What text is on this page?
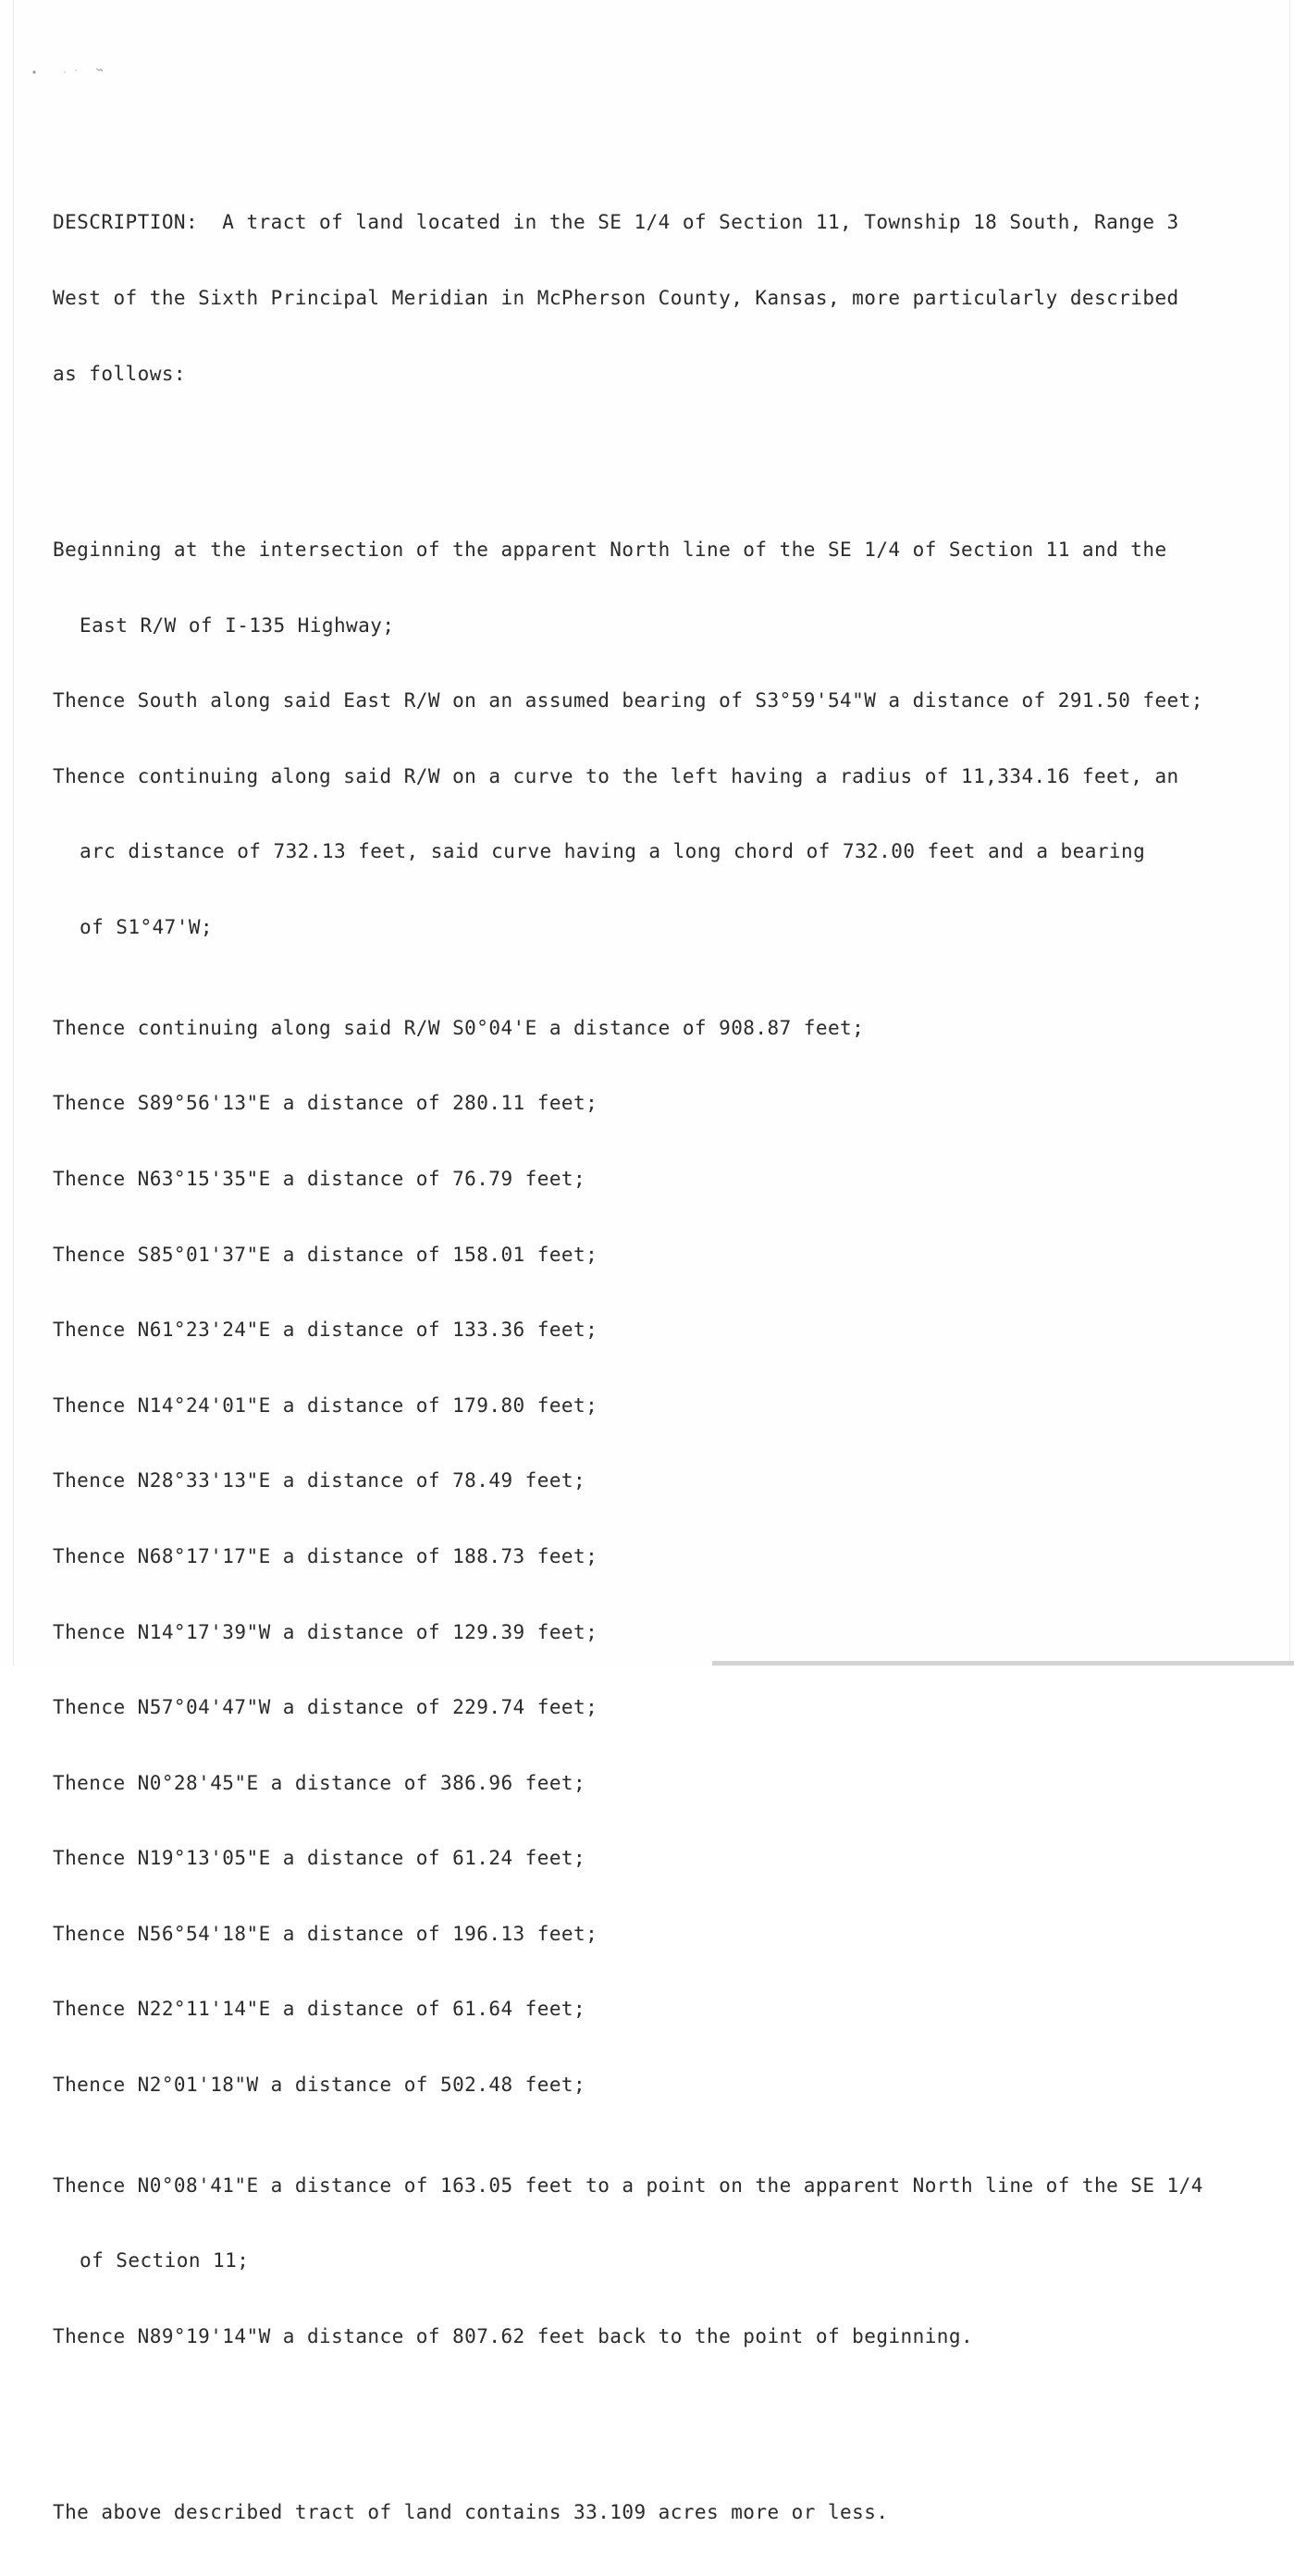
DESCRIPTION:  A tract of land located in the SE 1/4 of Section 11, Township 18 South, Range 3

West of the Sixth Principal Meridian in McPherson County, Kansas, more particularly described

as follows:

Beginning at the intersection of the apparent North line of the SE 1/4 of Section 11 and the

East R/W of I-135 Highway;

Thence South along said East R/W on an assumed bearing of S3°59'54"W a distance of 291.50 feet;

Thence continuing along said R/W on a curve to the left having a radius of 11,334.16 feet, an

arc distance of 732.13 feet, said curve having a long chord of 732.00 feet and a bearing

of S1°47'W;

Thence continuing along said R/W S0°04'E a distance of 908.87 feet;

Thence S89°56'13"E a distance of 280.11 feet;

Thence N63°15'35"E a distance of 76.79 feet;

Thence S85°01'37"E a distance of 158.01 feet;

Thence N61°23'24"E a distance of 133.36 feet;

Thence N14°24'01"E a distance of 179.80 feet;

Thence N28°33'13"E a distance of 78.49 feet;

Thence N68°17'17"E a distance of 188.73 feet;

Thence N14°17'39"W a distance of 129.39 feet;

Thence N57°04'47"W a distance of 229.74 feet;

Thence N0°28'45"E a distance of 386.96 feet;

Thence N19°13'05"E a distance of 61.24 feet;

Thence N56°54'18"E a distance of 196.13 feet;

Thence N22°11'14"E a distance of 61.64 feet;

Thence N2°01'18"W a distance of 502.48 feet;

Thence N0°08'41"E a distance of 163.05 feet to a point on the apparent North line of the SE 1/4

of Section 11;

Thence N89°19'14"W a distance of 807.62 feet back to the point of beginning.

The above described tract of land contains 33.109 acres more or less.
